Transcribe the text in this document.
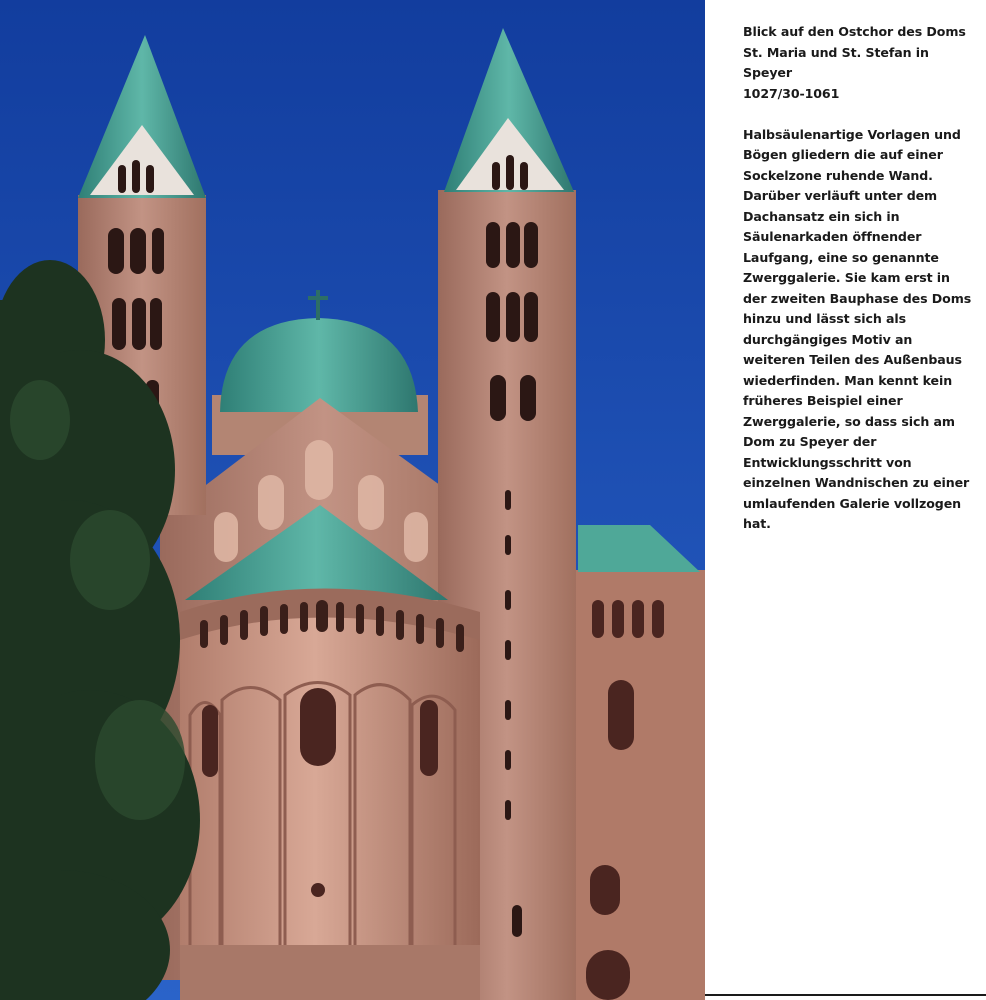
Blick auf den Ostchor des Doms
St. Maria und St. Stefan in
Speyer
1027/30-1061

Halbsäulenartige Vorlagen und
Bögen gliedern die auf einer
Sockelzone ruhende Wand.
Darüber verläuft unter dem
Dachansatz ein sich in
Säulenarkaden öffnender
Laufgang, eine so genannte
Zwerggalerie. Sie kam erst in
der zweiten Bauphase des Doms
hinzu und lässt sich als
durchgängiges Motiv an
weiteren Teilen des Außenbaus
wiederfinden. Man kennt kein
früheres Beispiel einer
Zwerggalerie, so dass sich am
Dom zu Speyer der
Entwicklungsschritt von
einzelnen Wandnischen zu einer
umlaufenden Galerie vollzogen
hat.
